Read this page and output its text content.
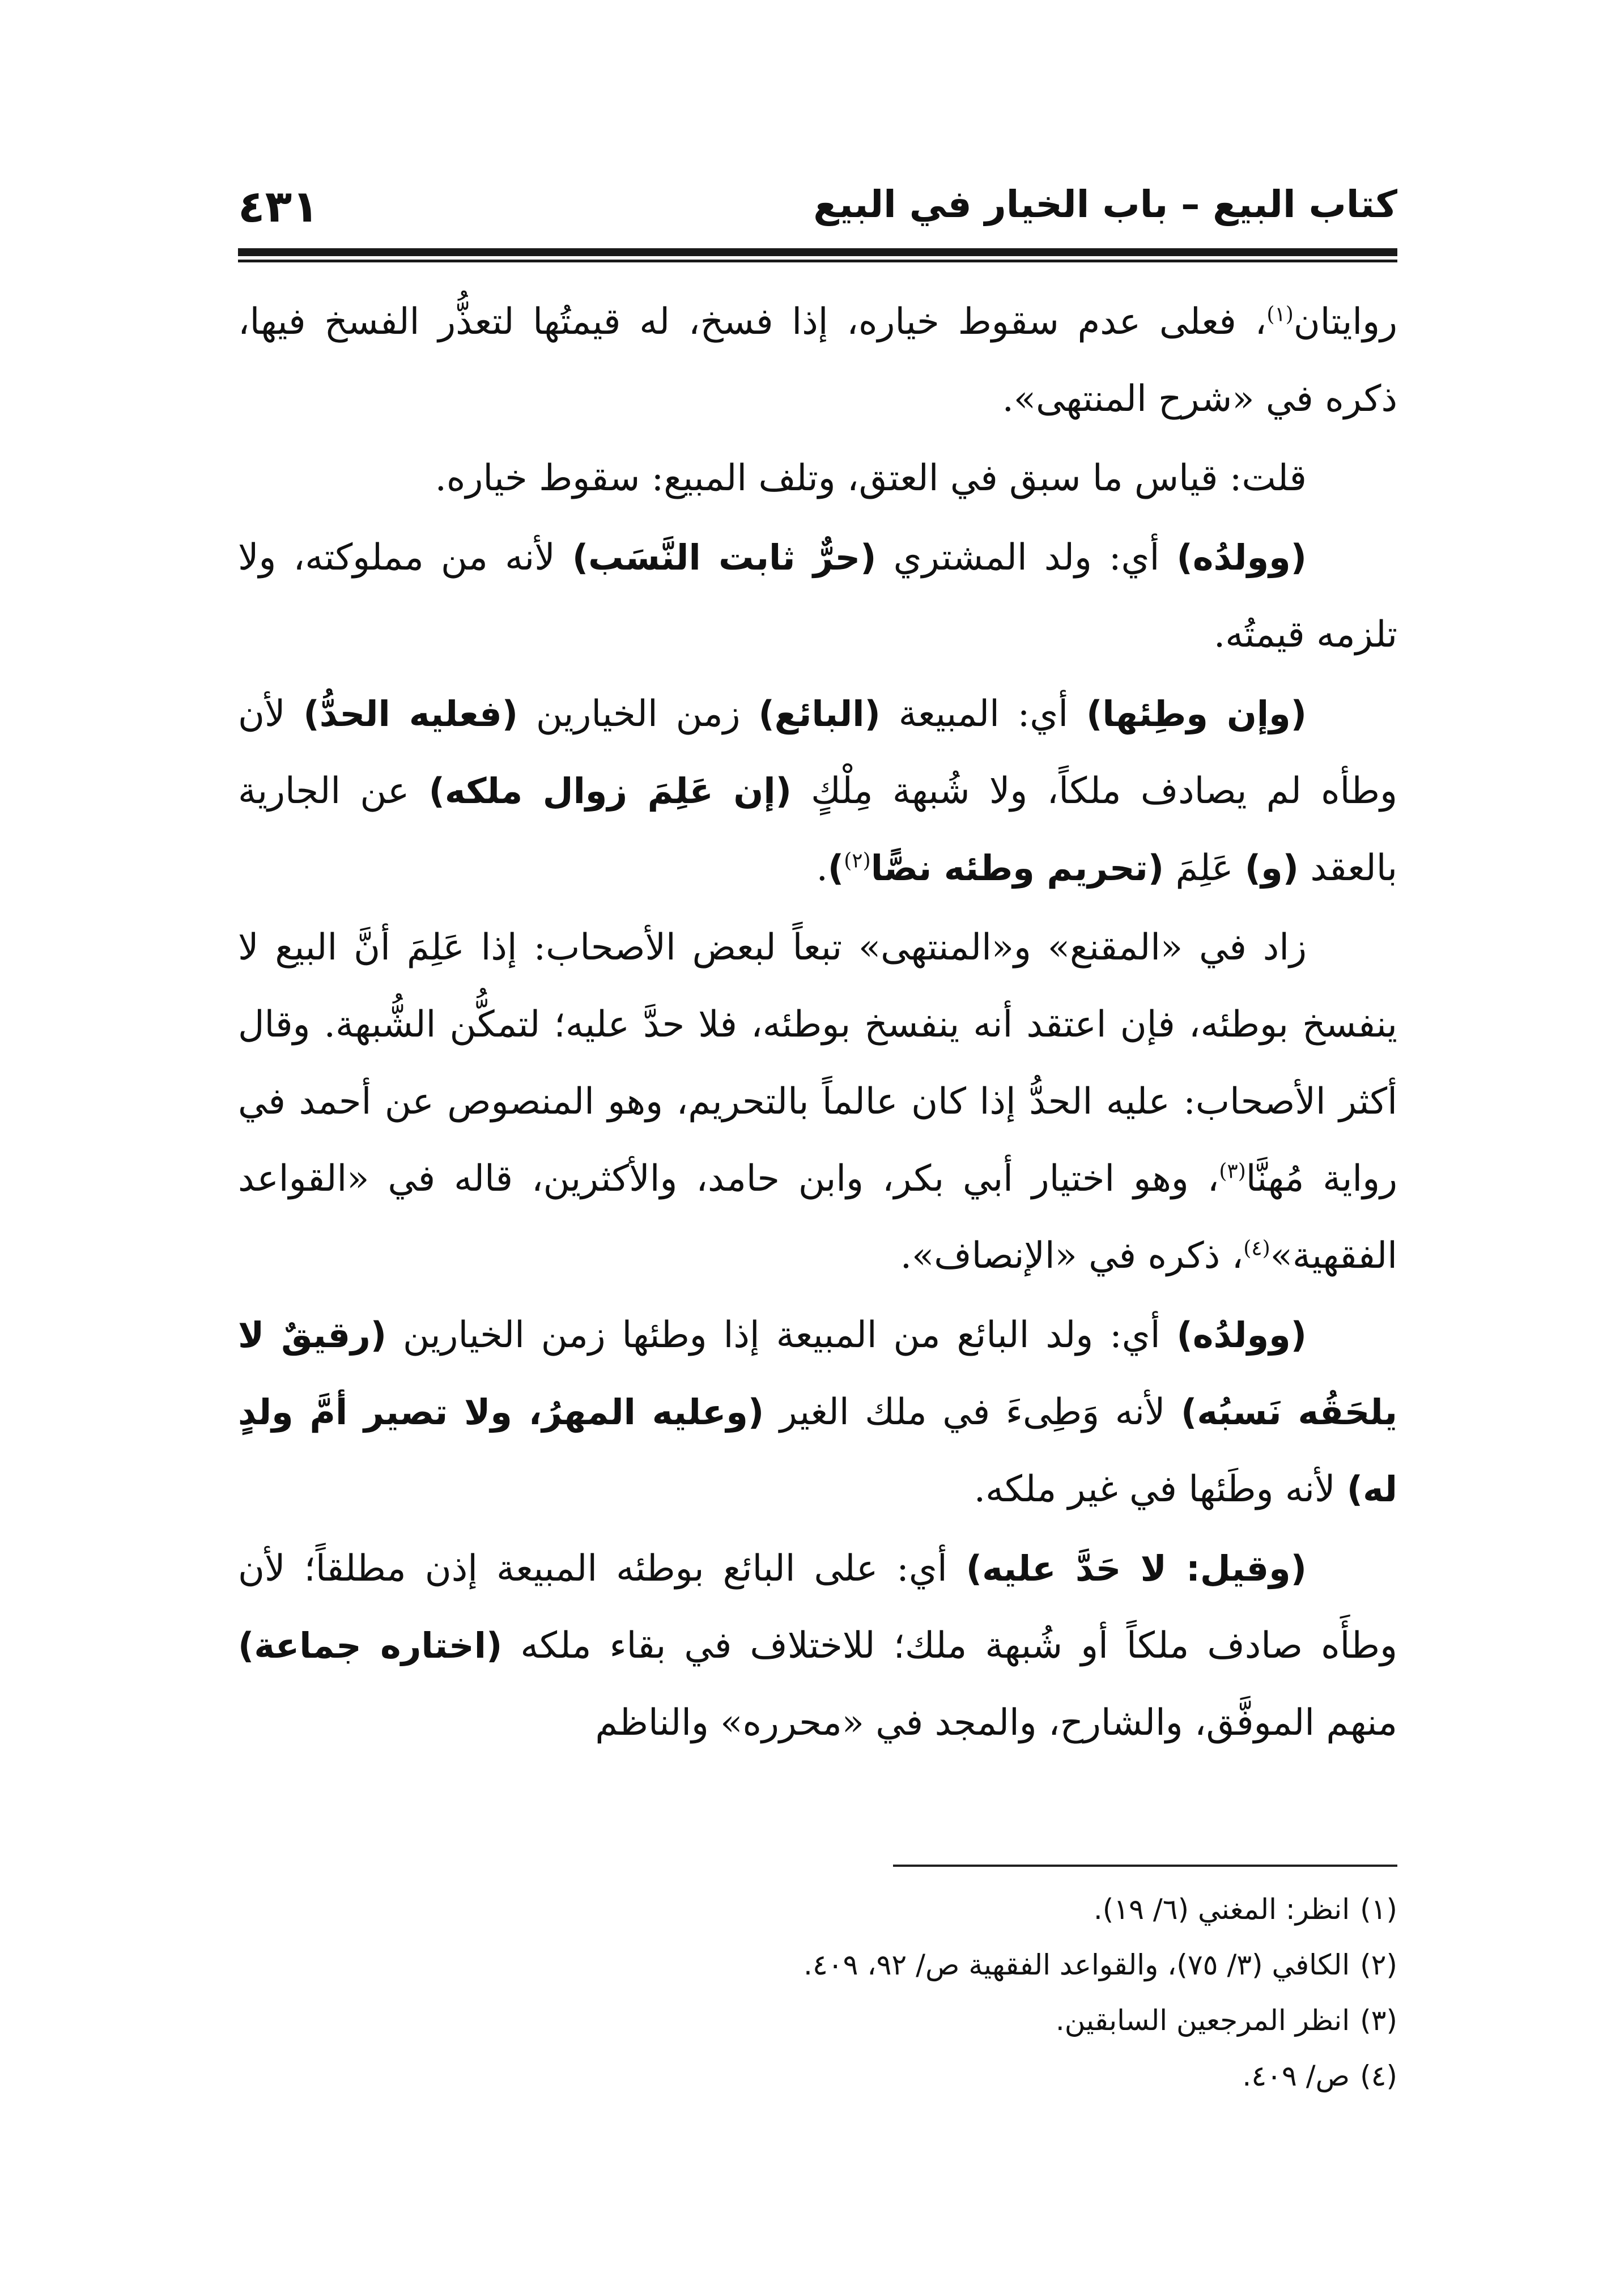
كتاب البيع – باب الخيار في البيع
٤٣١

روايتان$^{(١)}$، فعلى عدم سقوط خياره، إذا فسخ، له قيمتُها لتعذُّر الفسخ فيها، ذكره في «شرح المنتهى».

قلت: قياس ما سبق في العتق، وتلف المبيع: سقوط خياره.

(وولدُه) أي: ولد المشتري (حرٌّ ثابت النَّسَب) لأنه من مملوكته، ولا تلزمه قيمتُه.

(وإن وطِئها) أي: المبيعة (البائع) زمن الخيارين (فعليه الحدُّ) لأن وطأه لم يصادف ملكاً، ولا شُبهة مِلْكٍ (إن عَلِمَ زوال ملكه) عن الجارية بالعقد (و) عَلِمَ (تحريم وطئه نصًّا$^{(٢)}$).

زاد في «المقنع» و«المنتهى» تبعاً لبعض الأصحاب: إذا عَلِمَ أنَّ البيع لا ينفسخ بوطئه، فإن اعتقد أنه ينفسخ بوطئه، فلا حدَّ عليه؛ لتمكُّن الشُّبهة. وقال أكثر الأصحاب: عليه الحدُّ إذا كان عالماً بالتحريم، وهو المنصوص عن أحمد في رواية مُهنَّا$^{(٣)}$، وهو اختيار أبي بكر، وابن حامد، والأكثرين، قاله في «القواعد الفقهية»$^{(٤)}$، ذكره في «الإنصاف».

(وولدُه) أي: ولد البائع من المبيعة إذا وطئها زمن الخيارين (رقيقٌ لا يلحَقُه نَسبُه) لأنه وَطِىءَ في ملك الغير (وعليه المهرُ، ولا تصير أمَّ ولدٍ له) لأنه وطَئها في غير ملكه.

(وقيل: لا حَدَّ عليه) أي: على البائع بوطئه المبيعة إذن مطلقاً؛ لأن وطأَه صادف ملكاً أو شُبهة ملك؛ للاختلاف في بقاء ملكه (اختاره جماعة) منهم الموفَّق، والشارح، والمجد في «محرره» والناظم

(١)انظر: المغني (٦/ ١٩).

(٢)الكافي (٣/ ٧٥)، والقواعد الفقهية ص/ ٩٢، ٤٠٩.

(٣)انظر المرجعين السابقين.

(٤)ص/ ٤٠٩.
